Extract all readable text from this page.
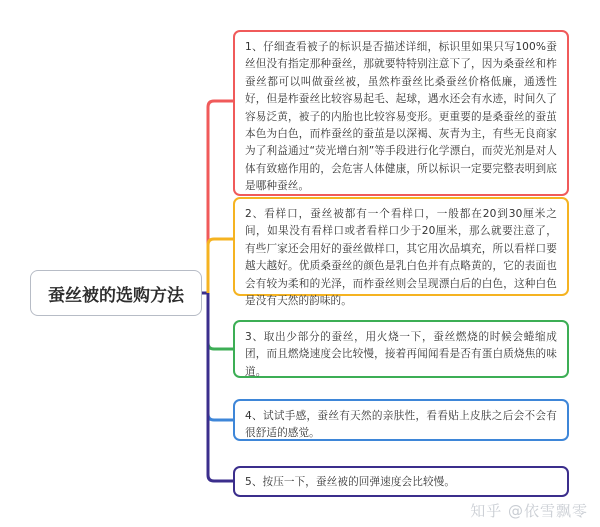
蚕丝被的选购方法
1、仔细查看被子的标识是否描述详细，标识里如果只写100%蚕丝但没有指定那种蚕丝，那就要特特别注意下了，因为桑蚕丝和柞蚕丝都可以叫做蚕丝被，虽然柞蚕丝比桑蚕丝价格低廉，通透性好，但是柞蚕丝比较容易起毛、起球，遇水还会有水迹，时间久了容易泛黄，被子的内胎也比较容易变形。更重要的是桑蚕丝的蚕茧本色为白色，而柞蚕丝的蚕茧是以深褐、灰青为主，有些无良商家为了利益通过“荧光增白剂”等手段进行化学漂白，而荧光剂是对人体有致癌作用的，会危害人体健康，所以标识一定要完整表明到底是哪种蚕丝。
2、看样口，蚕丝被都有一个看样口，一般都在20到30厘米之间，如果没有看样口或者看样口少于20厘米，那么就要注意了，有些厂家还会用好的蚕丝做样口，其它用次品填充，所以看样口要越大越好。优质桑蚕丝的颜色是乳白色并有点略黄的，它的表面也会有较为柔和的光泽，而柞蚕丝则会呈现漂白后的白色，这种白色是没有天然的韵味的。
3、取出少部分的蚕丝，用火烧一下，蚕丝燃烧的时候会蜷缩成团，而且燃烧速度会比较慢，接着再闻闻看是否有蛋白质烧焦的味道。
4、试试手感，蚕丝有天然的亲肤性，看看贴上皮肤之后会不会有很舒适的感觉。
5、按压一下，蚕丝被的回弹速度会比较慢。
知乎 @依雪飘零
